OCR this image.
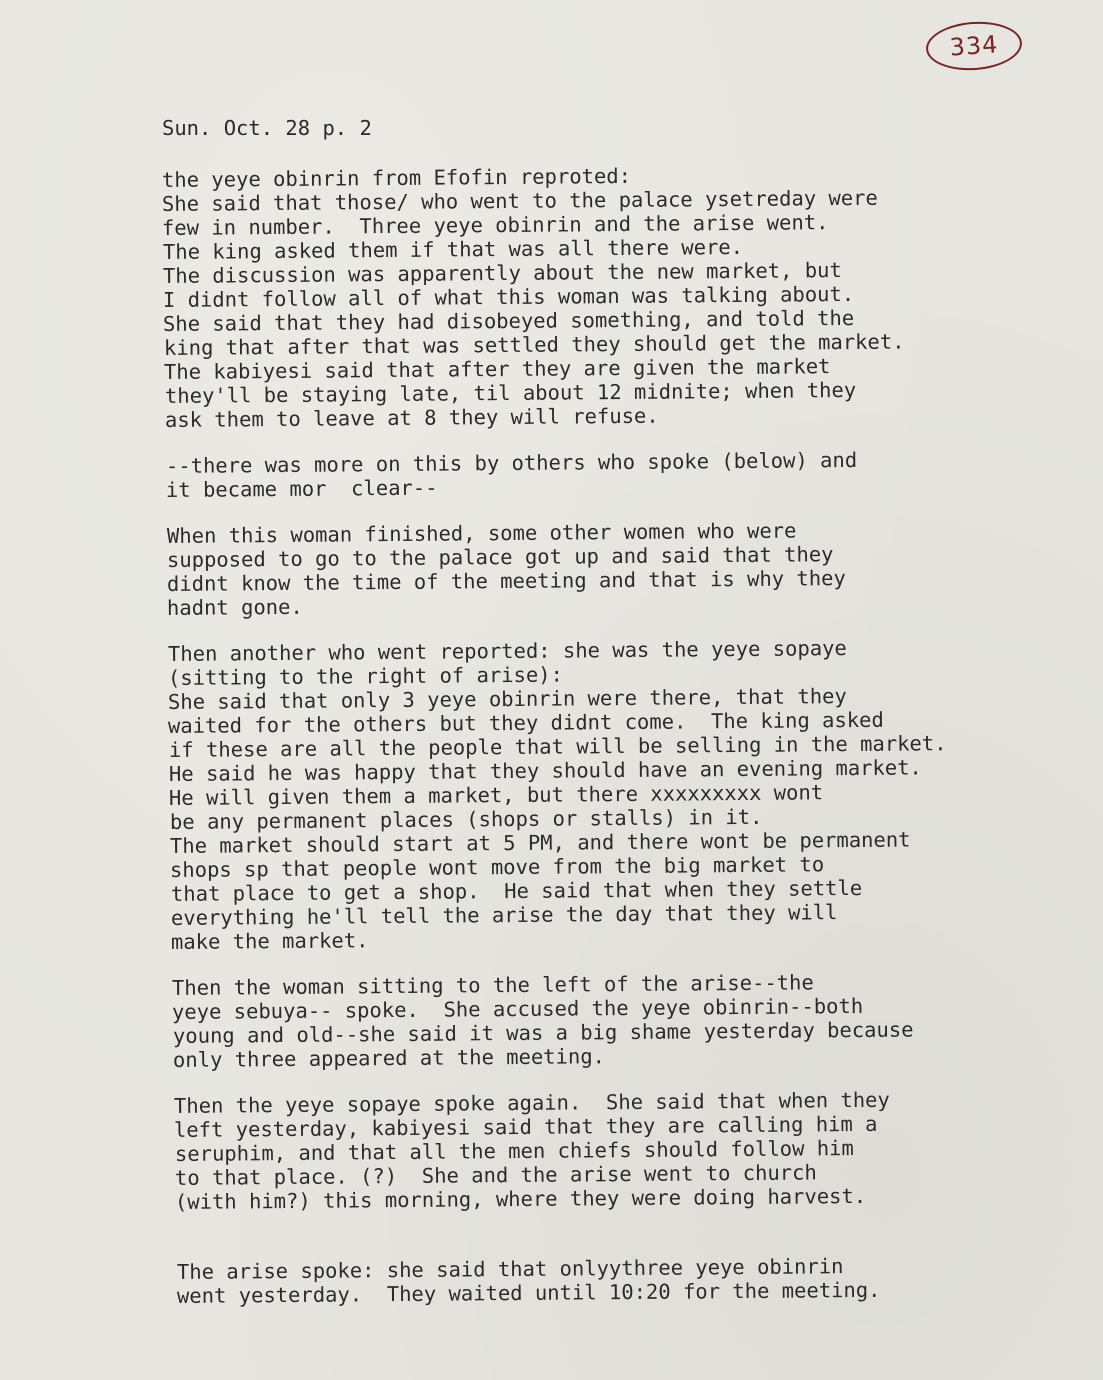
334
Sun. Oct. 28 p. 2
the yeye obinrin from Efofin reproted:
She said that those/ who went to the palace ysetreday were
few in number.  Three yeye obinrin and the arise went.
The king asked them if that was all there were.
The discussion was apparently about the new market, but
I didnt follow all of what this woman was talking about.
She said that they had disobeyed something, and told the
king that after that was settled they should get the market.
The kabiyesi said that after they are given the market
they'll be staying late, til about 12 midnite; when they
ask them to leave at 8 they will refuse.
--there was more on this by others who spoke (below) and
it became mor  clear--
When this woman finished, some other women who were
supposed to go to the palace got up and said that they
didnt know the time of the meeting and that is why they
hadnt gone.
Then another who went reported: she was the yeye sopaye
(sitting to the right of arise):
She said that only 3 yeye obinrin were there, that they
waited for the others but they didnt come.  The king asked
if these are all the people that will be selling in the market.
He said he was happy that they should have an evening market.
He will given them a market, but there xxxxxxxxx wont
be any permanent places (shops or stalls) in it.
The market should start at 5 PM, and there wont be permanent
shops sp that people wont move from the big market to
that place to get a shop.  He said that when they settle
everything he'll tell the arise the day that they will
make the market.
Then the woman sitting to the left of the arise--the
yeye sebuya-- spoke.  She accused the yeye obinrin--both
young and old--she said it was a big shame yesterday because
only three appeared at the meeting.
Then the yeye sopaye spoke again.  She said that when they
left yesterday, kabiyesi said that they are calling him a
seruphim, and that all the men chiefs should follow him
to that place. (?)  She and the arise went to church
(with him?) this morning, where they were doing harvest.
The arise spoke: she said that onlyythree yeye obinrin
went yesterday.  They waited until 10:20 for the meeting.
